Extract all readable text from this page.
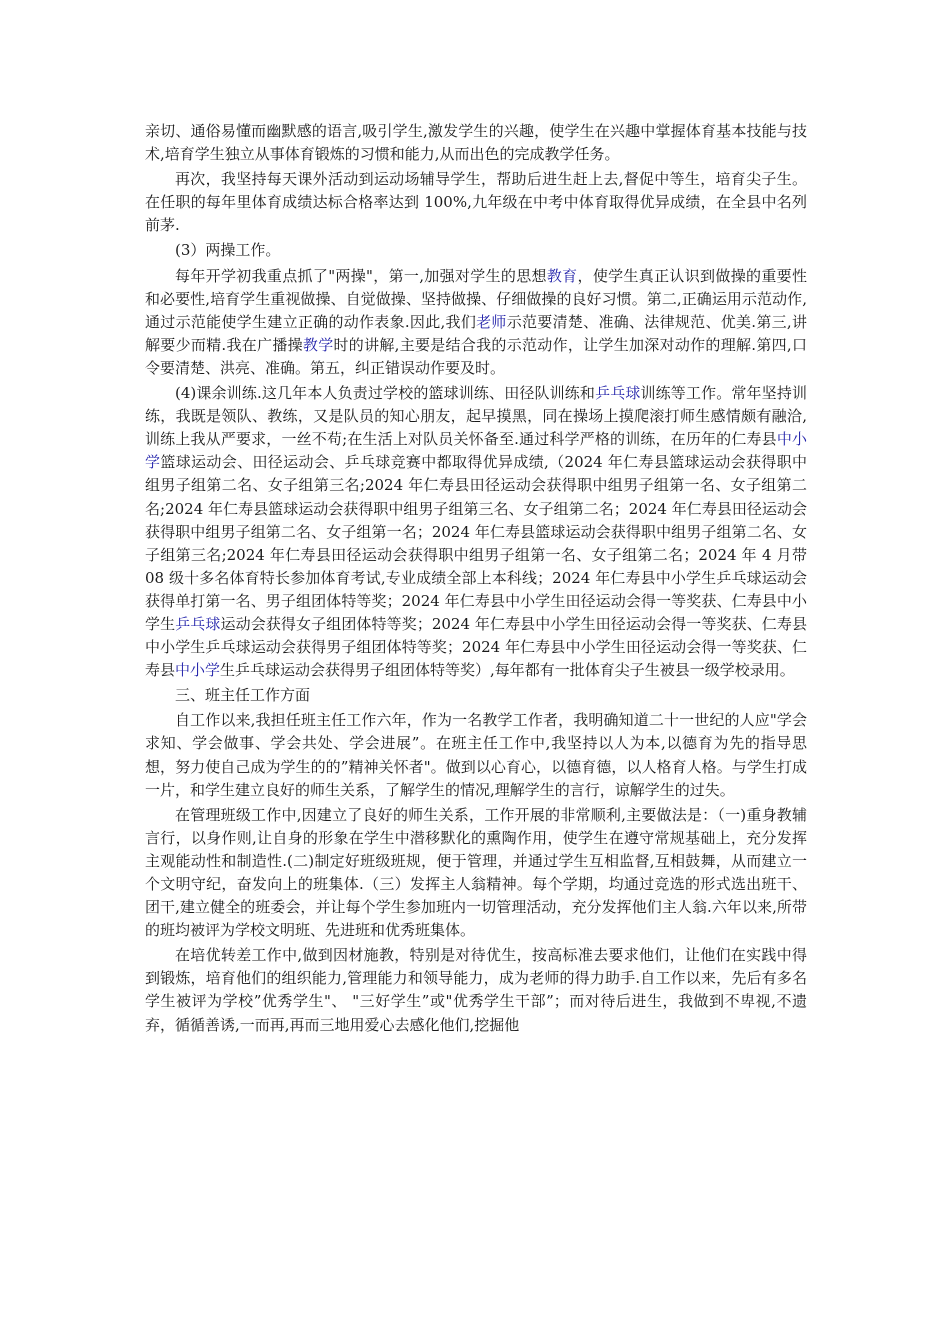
亲切、通俗易懂而幽默感的语言,吸引学生,激发学生的兴趣，使学生在兴趣中掌握体育基本技能与技术,培育学生独立从事体育锻炼的习惯和能力,从而出色的完成教学任务。

再次，我坚持每天课外活动到运动场辅导学生，帮助后进生赶上去,督促中等生，培育尖子生。在任职的每年里体育成绩达标合格率达到 100%,九年级在中考中体育取得优异成绩，在全县中名列前茅.

(3）两操工作。

每年开学初我重点抓了"两操"，第一,加强对学生的思想教育，使学生真正认识到做操的重要性和必要性,培育学生重视做操、自觉做操、坚持做操、仔细做操的良好习惯。第二,正确运用示范动作,通过示范能使学生建立正确的动作表象.因此,我们老师示范要清楚、准确、法律规范、优美.第三,讲解要少而精.我在广播操教学时的讲解,主要是结合我的示范动作，让学生加深对动作的理解.第四,口令要清楚、洪亮、准确。第五，纠正错误动作要及时。

(4)课余训练.这几年本人负责过学校的篮球训练、田径队训练和乒乓球训练等工作。常年坚持训练，我既是领队、教练，又是队员的知心朋友，起早摸黑，同在操场上摸爬滚打师生感情颇有融洽,训练上我从严要求，一丝不苟;在生活上对队员关怀备至.通过科学严格的训练，在历年的仁寿县中小学篮球运动会、田径运动会、乒乓球竞赛中都取得优异成绩,（2024 年仁寿县篮球运动会获得职中组男子组第二名、女子组第三名;2024 年仁寿县田径运动会获得职中组男子组第一名、女子组第二名;2024 年仁寿县篮球运动会获得职中组男子组第三名、女子组第二名；2024 年仁寿县田径运动会获得职中组男子组第二名、女子组第一名；2024 年仁寿县篮球运动会获得职中组男子组第二名、女子组第三名;2024 年仁寿县田径运动会获得职中组男子组第一名、女子组第二名；2024 年 4 月带 08 级十多名体育特长参加体育考试,专业成绩全部上本科线；2024 年仁寿县中小学生乒乓球运动会获得单打第一名、男子组团体特等奖；2024 年仁寿县中小学生田径运动会得一等奖获、仁寿县中小学生乒乓球运动会获得女子组团体特等奖；2024 年仁寿县中小学生田径运动会得一等奖获、仁寿县中小学生乒乓球运动会获得男子组团体特等奖；2024 年仁寿县中小学生田径运动会得一等奖获、仁寿县中小学生乒乓球运动会获得男子组团体特等奖）,每年都有一批体育尖子生被县一级学校录用。

三、班主任工作方面

自工作以来,我担任班主任工作六年，作为一名教学工作者，我明确知道二十一世纪的人应"学会求知、学会做事、学会共处、学会进展”。在班主任工作中,我坚持以人为本,以德育为先的指导思想，努力使自己成为学生的的”精神关怀者"。做到以心育心，以德育德，以人格育人格。与学生打成一片，和学生建立良好的师生关系，了解学生的情况,理解学生的言行，谅解学生的过失。

在管理班级工作中,因建立了良好的师生关系，工作开展的非常顺利,主要做法是：（一)重身教辅言行，以身作则,让自身的形象在学生中潜移默化的熏陶作用，使学生在遵守常规基础上，充分发挥主观能动性和制造性.(二)制定好班级班规，便于管理，并通过学生互相监督,互相鼓舞，从而建立一个文明守纪，奋发向上的班集体.（三）发挥主人翁精神。每个学期，均通过竞选的形式选出班干、团干,建立健全的班委会，并让每个学生参加班内一切管理活动，充分发挥他们主人翁.六年以来,所带的班均被评为学校文明班、先进班和优秀班集体。

在培优转差工作中,做到因材施教，特别是对待优生，按高标准去要求他们，让他们在实践中得到锻炼，培育他们的组织能力,管理能力和领导能力，成为老师的得力助手.自工作以来，先后有多名学生被评为学校”优秀学生"、 "三好学生”或"优秀学生干部”；而对待后进生，我做到不卑视,不遗弃，循循善诱,一而再,再而三地用爱心去感化他们,挖掘他
